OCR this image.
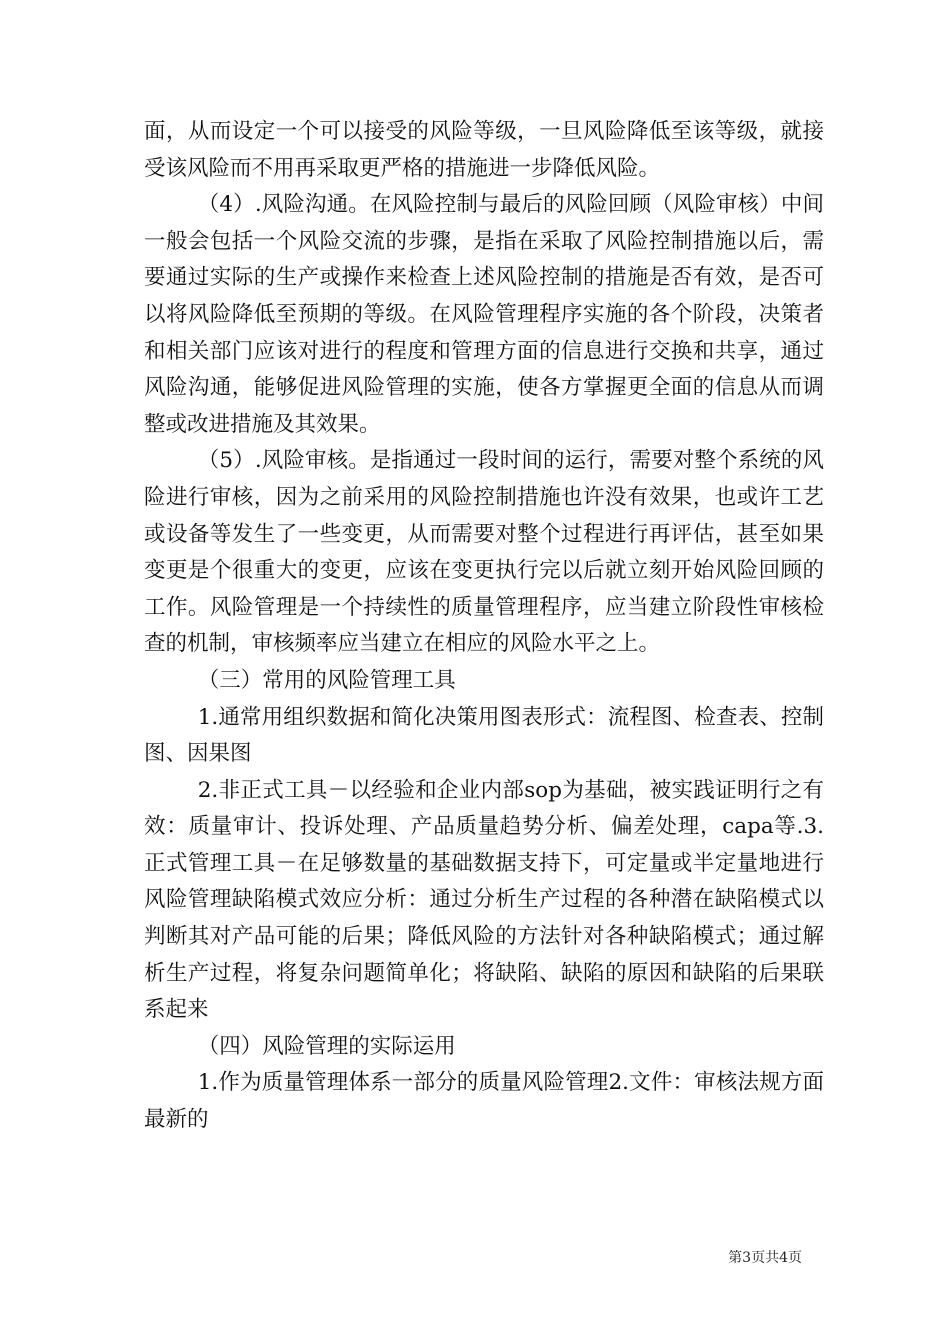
面，从而设定一个可以接受的风险等级，一旦风险降低至该等级，就接受该风险而不用再采取更严格的措施进一步降低风险。

（4）.风险沟通。在风险控制与最后的风险回顾（风险审核）中间一般会包括一个风险交流的步骤，是指在采取了风险控制措施以后，需要通过实际的生产或操作来检查上述风险控制的措施是否有效，是否可以将风险降低至预期的等级。在风险管理程序实施的各个阶段，决策者和相关部门应该对进行的程度和管理方面的信息进行交换和共享，通过风险沟通，能够促进风险管理的实施，使各方掌握更全面的信息从而调整或改进措施及其效果。

（5）.风险审核。是指通过一段时间的运行，需要对整个系统的风险进行审核，因为之前采用的风险控制措施也许没有效果，也或许工艺或设备等发生了一些变更，从而需要对整个过程进行再评估，甚至如果变更是个很重大的变更，应该在变更执行完以后就立刻开始风险回顾的工作。风险管理是一个持续性的质量管理程序，应当建立阶段性审核检查的机制，审核频率应当建立在相应的风险水平之上。

（三）常用的风险管理工具

1.通常用组织数据和简化决策用图表形式：流程图、检查表、控制图、因果图

2.非正式工具－以经验和企业内部sop为基础，被实践证明行之有效：质量审计、投诉处理、产品质量趋势分析、偏差处理，capa等.3.正式管理工具－在足够数量的基础数据支持下，可定量或半定量地进行风险管理缺陷模式效应分析：通过分析生产过程的各种潜在缺陷模式以判断其对产品可能的后果；降低风险的方法针对各种缺陷模式；通过解析生产过程，将复杂问题简单化；将缺陷、缺陷的原因和缺陷的后果联系起来

（四）风险管理的实际运用

1.作为质量管理体系一部分的质量风险管理2.文件：审核法规方面最新的

第3页共4页
